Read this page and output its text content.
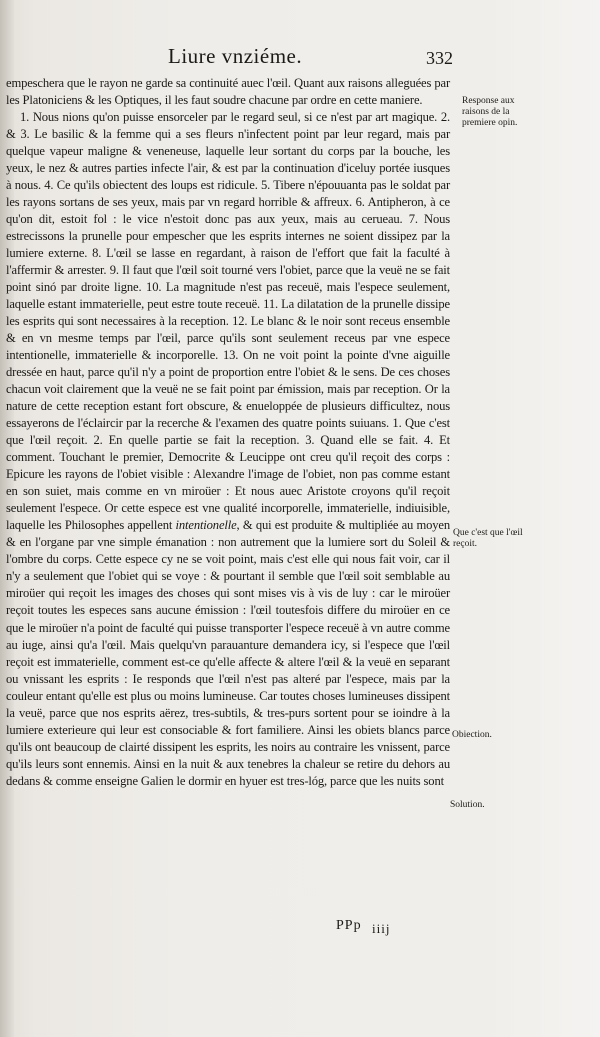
Liure vnziéme.	332

empeschera que le rayon ne garde sa continuité auec l'œil. Quant aux raisons alleguées par les Platoniciens & les Optiques, il les faut soudre chacune par ordre en cette maniere.

1. Nous nions qu'on puisse ensorceler par le regard seul, si ce n'est par art magique. 2. & 3. Le basilic & la femme qui a ses fleurs n'infectent point par leur regard, mais par quelque vapeur maligne & veneneuse, laquelle leur sortant du corps par la bouche, les yeux, le nez & autres parties infecte l'air, & est par la continuation d'iceluy portée iusques à nous. 4. Ce qu'ils obiectent des loups est ridicule. 5. Tibere n'épouuanta pas le soldat par les rayons sortans de ses yeux, mais par vn regard horrible & affreux. 6. Antipheron, à ce qu'on dit, estoit fol : le vice n'estoit donc pas aux yeux, mais au cerueau. 7. Nous estrecissons la prunelle pour empescher que les esprits internes ne soient dissipez par la lumiere externe. 8. L'œil se lasse en regardant, à raison de l'effort que fait la faculté à l'affermir & arrester. 9. Il faut que l'œil soit tourné vers l'obiet, parce que la veuë ne se fait point sinó par droite ligne. 10. La magnitude n'est pas receuë, mais l'espece seulement, laquelle estant immaterielle, peut estre toute receuë. 11. La dilatation de la prunelle dissipe les esprits qui sont necessaires à la reception. 12. Le blanc & le noir sont receus ensemble & en vn mesme temps par l'œil, parce qu'ils sont seulement receus par vne espece intentionelle, immaterielle & incorporelle. 13. On ne voit point la pointe d'vne aiguille dressée en haut, parce qu'il n'y a point de proportion entre l'obiet & le sens. De ces choses chacun voit clairement que la veuë ne se fait point par émission, mais par reception. Or la nature de cette reception estant fort obscure, & enueloppée de plusieurs difficultez, nous essayerons de l'éclaircir par la recerche & l'examen des quatre points suiuans. 1. Que c'est que l'œil reçoit. 2. En quelle partie se fait la reception. 3. Quand elle se fait. 4. Et comment. Touchant le premier, Democrite & Leucippe ont creu qu'il reçoit des corps : Epicure les rayons de l'obiet visible : Alexandre l'image de l'obiet, non pas comme estant en son suiet, mais comme en vn miroüer : Et nous auec Aristote croyons qu'il reçoit seulement l'espece. Or cette espece est vne qualité incorporelle, immaterielle, indiuisible, laquelle les Philosophes appellent intentionelle, & qui est produite & multipliée au moyen & en l'organe par vne simple émanation : non autrement que la lumiere sort du Soleil & l'ombre du corps. Cette espece cy ne se voit point, mais c'est elle qui nous fait voir, car il n'y a seulement que l'obiet qui se voye : & pourtant il semble que l'œil soit semblable au miroüer qui reçoit les images des choses qui sont mises vis à vis de luy : car le miroüer reçoit toutes les especes sans aucune émission : l'œil toutesfois differe du miroüer en ce que le miroüer n'a point de faculté qui puisse transporter l'espece receuë à vn autre comme au iuge, ainsi qu'a l'œil. Mais quelqu'vn parauanture demandera icy, si l'espece que l'œil reçoit est immaterielle, comment est-ce qu'elle affecte & altere l'œil & la veuë en separant ou vnissant les esprits : Ie responds que l'œil n'est pas alteré par l'espece, mais par la couleur entant qu'elle est plus ou moins lumineuse. Car toutes choses lumineuses dissipent la veuë, parce que nos esprits aërez, tres-subtils, & tres-purs sortent pour se ioindre à la lumiere exterieure qui leur est consociable & fort familiere. Ainsi les obiets blancs parce qu'ils ont beaucoup de clairté dissipent les esprits, les noirs au contraire les vnissent, parce qu'ils leurs sont ennemis. Ainsi en la nuit & aux tenebres la chaleur se retire du dehors au dedans & comme enseigne Galien le dormir en hyuer est tres-lóg, parce que les nuits sont

Response aux raisons de la premiere opin.
Que c'est que l'œil reçoit.
Obiection.
Solution.
PPp iiij
